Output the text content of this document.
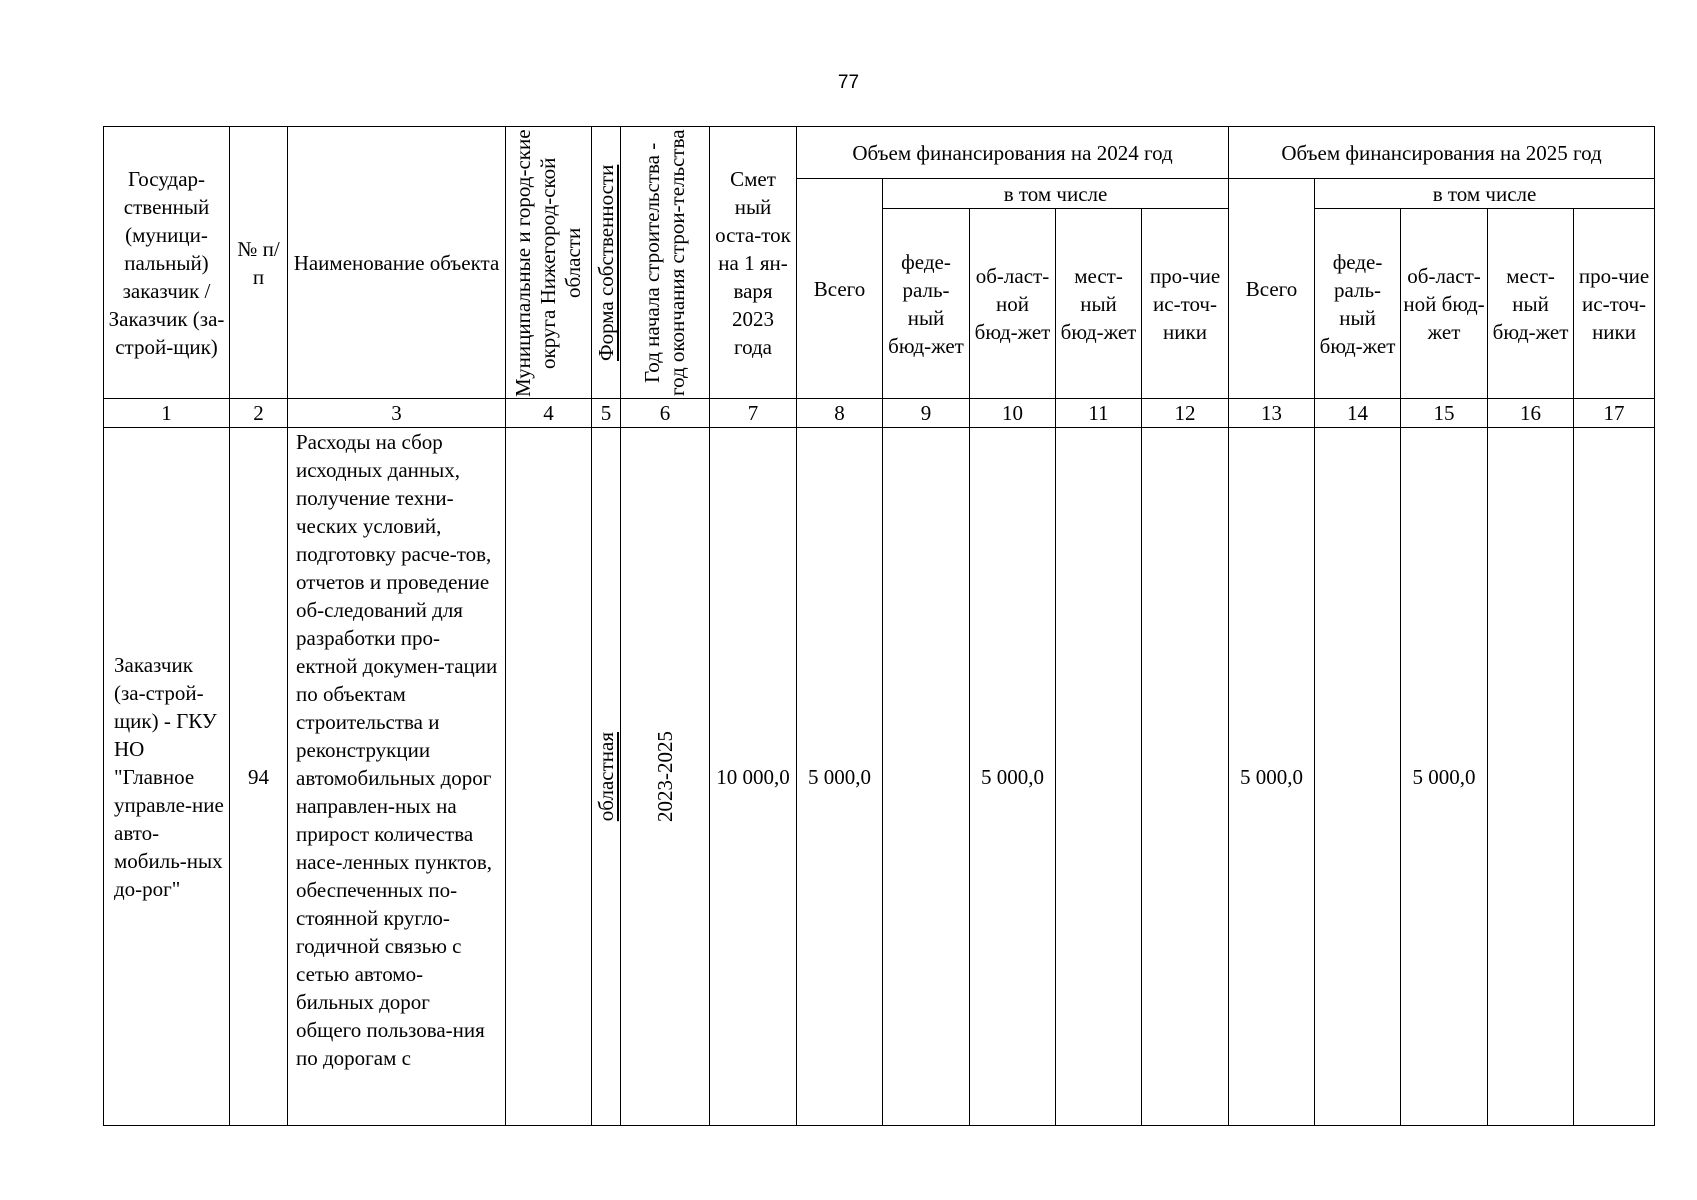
77
Государ-ственный (муници-пальный) заказчик /Заказчик (за-строй-щик)	№ п/п	Наименование объекта	Муниципальные и город-ские округа Нижегород-ской области	Форма собственности	Год начала строительства - год окончания строи-тельства	Смет ный оста-ток на 1 ян-варя 2023 года	Объем финансирования на 2024 год					Объем финансирования на 2025 год				
							Всего	в том числе				Всего	в том числе			
								феде-раль-ный бюд-жет	об-ласт-ной бюд-жет	мест-ный бюд-жет	про-чие ис-точ-ники		феде-раль-ный бюд-жет	об-ласт-ной бюд-жет	мест-ный бюд-жет	про-чие ис-точ-ники
1	2	3	4	5	6	7	8	9	10	11	12	13	14	15	16	17
Заказчик (за-строй-щик) - ГКУ НО "Главное управле-ние авто-мобиль-ных до-рог"	94	Расходы на сбор исходных данных, получение техни-ческих условий, подготовку расче-тов, отчетов и проведение об-следований для разработки про-ектной докумен-тации по объектам строительства и реконструкции автомобильных дорог направлен-ных на прирост количества насе-ленных пунктов, обеспеченных по-стоянной кругло-годичной связью с сетью автомо-бильных дорог общего пользова-ния по дорогам с		областная	2023-2025	10 000,0	5 000,0		5 000,0			5 000,0		5 000,0		
